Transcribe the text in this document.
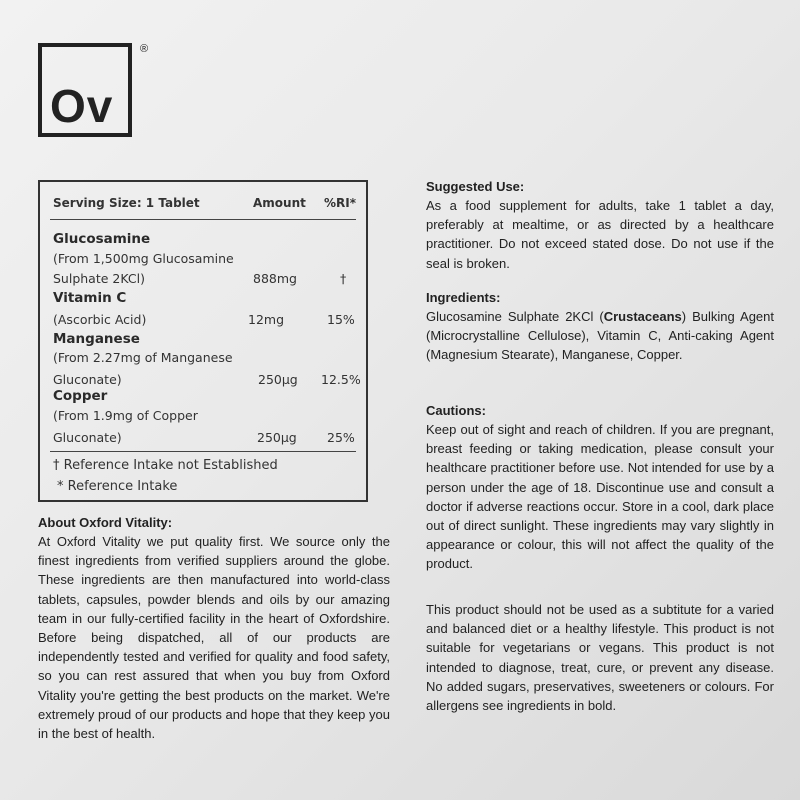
Ov
®
Serving Size: 1 Tablet	Amount %RI*
Glucosamine
(From 1,500mg Glucosamine
Sulphate 2KCl)	888mg	†
Vitamin C
(Ascorbic Acid)	12mg	15%
Manganese
(From 2.27mg of Manganese
Gluconate)	250µg 12.5%
Copper
(From 1.9mg of Copper
Gluconate)	250µg 25%
† Reference Intake not Established
* Reference Intake
About Oxford Vitality:

At Oxford Vitality we put quality first. We source only the finest ingredients from verified suppliers around the globe. These ingredients are then manufactured into world-class tablets, capsules, powder blends and oils by our amazing team in our fully-certified facility in the heart of Oxfordshire. Before being dispatched, all of our products are independently tested and verified for quality and food safety, so you can rest assured that when you buy from Oxford Vitality you're getting the best products on the market. We're extremely proud of our products and hope that they keep you in the best of health.

Suggested Use:

As a food supplement for adults, take 1 tablet a day, preferably at mealtime, or as directed by a healthcare practitioner. Do not exceed stated dose. Do not use if the seal is broken.

Ingredients:

Glucosamine Sulphate 2KCl (Crustaceans) Bulking Agent (Microcrystalline Cellulose), Vitamin C, Anti-caking Agent (Magnesium Stearate), Manganese, Copper.

Cautions:

Keep out of sight and reach of children. If you are pregnant, breast feeding or taking medication, please consult your healthcare practitioner before use. Not intended for use by a person under the age of 18. Discontinue use and consult a doctor if adverse reactions occur. Store in a cool, dark place out of direct sunlight. These ingredients may vary slightly in appearance or colour, this will not affect the quality of the product.

This product should not be used as a subtitute for a varied and balanced diet or a healthy lifestyle. This product is not suitable for vegetarians or vegans. This product is not intended to diagnose, treat, cure, or prevent any disease. No added sugars, preservatives, sweeteners or colours. For allergens see ingredients in bold.
